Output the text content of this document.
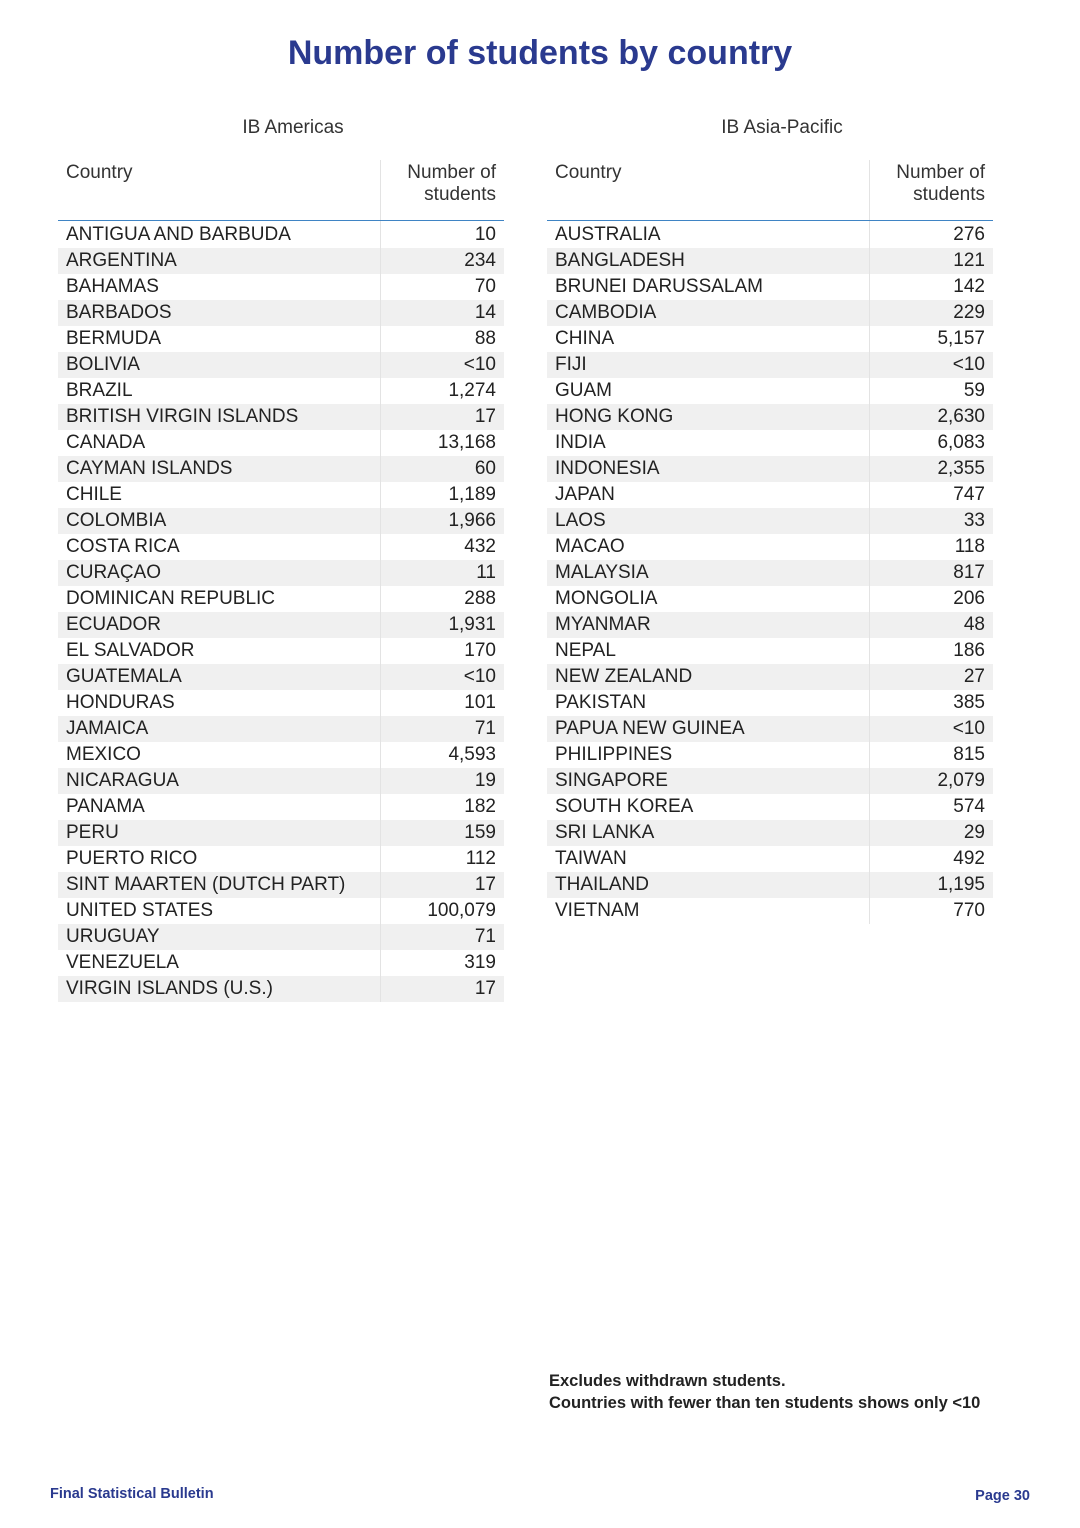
Number of students by country
IB Americas
Country	Number of
students
ANTIGUA AND BARBUDA	10
ARGENTINA	234
BAHAMAS	70
BARBADOS	14
BERMUDA	88
BOLIVIA	<10
BRAZIL	1,274
BRITISH VIRGIN ISLANDS	17
CANADA	13,168
CAYMAN ISLANDS	60
CHILE	1,189
COLOMBIA	1,966
COSTA RICA	432
CURAÇAO	11
DOMINICAN REPUBLIC	288
ECUADOR	1,931
EL SALVADOR	170
GUATEMALA	<10
HONDURAS	101
JAMAICA	71
MEXICO	4,593
NICARAGUA	19
PANAMA	182
PERU	159
PUERTO RICO	112
SINT MAARTEN (DUTCH PART)	17
UNITED STATES	100,079
URUGUAY	71
VENEZUELA	319
VIRGIN ISLANDS (U.S.)	17
IB Asia-Pacific
Country	Number of
students
AUSTRALIA	276
BANGLADESH	121
BRUNEI DARUSSALAM	142
CAMBODIA	229
CHINA	5,157
FIJI	<10
GUAM	59
HONG KONG	2,630
INDIA	6,083
INDONESIA	2,355
JAPAN	747
LAOS	33
MACAO	118
MALAYSIA	817
MONGOLIA	206
MYANMAR	48
NEPAL	186
NEW ZEALAND	27
PAKISTAN	385
PAPUA NEW GUINEA	<10
PHILIPPINES	815
SINGAPORE	2,079
SOUTH KOREA	574
SRI LANKA	29
TAIWAN	492
THAILAND	1,195
VIETNAM	770
Excludes withdrawn students.
Countries with fewer than ten students shows only <10
Final Statistical Bulletin	Page 30
